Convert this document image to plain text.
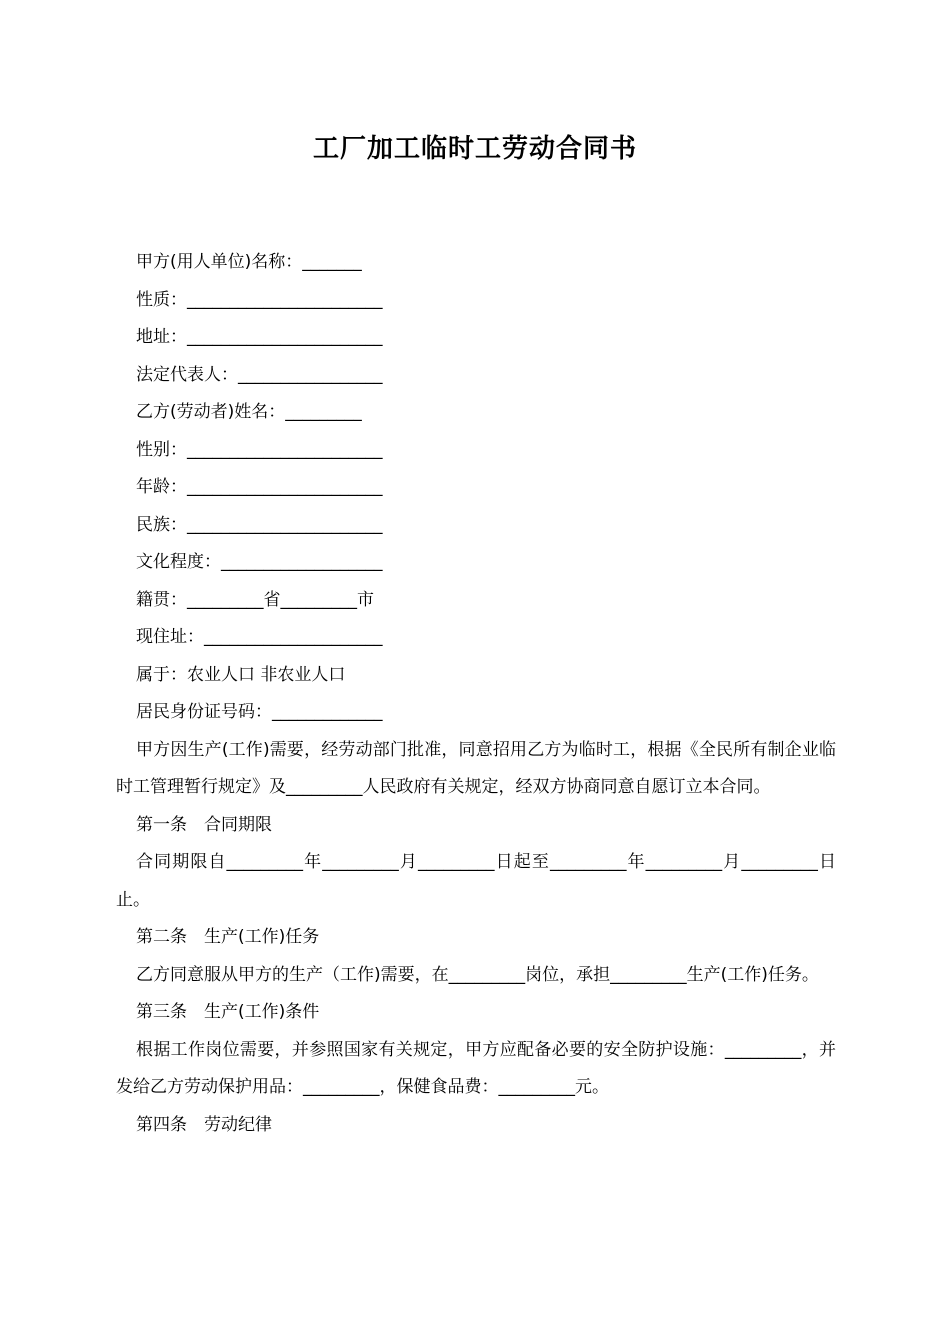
工厂加工临时工劳动合同书
甲方(用人单位)名称：_______
性质：_______________________
地址：_______________________
法定代表人：_________________
乙方(劳动者)姓名：_________
性别：_______________________
年龄：_______________________
民族：_______________________
文化程度：___________________
籍贯：_________省_________市
现住址：_____________________
属于：农业人口 非农业人口
居民身份证号码：_____________
甲方因生产(工作)需要，经劳动部门批准，同意招用乙方为临时工，根据《全民所有制企业临时工管理暂行规定》及_________人民政府有关规定，经双方协商同意自愿订立本合同。
第一条　合同期限
合同期限自_________年_________月_________日起至_________年_________月_________日止。
第二条　生产(工作)任务
乙方同意服从甲方的生产（工作)需要，在_________岗位，承担_________生产(工作)任务。
第三条　生产(工作)条件
根据工作岗位需要，并参照国家有关规定，甲方应配备必要的安全防护设施：_________，并发给乙方劳动保护用品：_________，保健食品费：_________元。
第四条　劳动纪律
